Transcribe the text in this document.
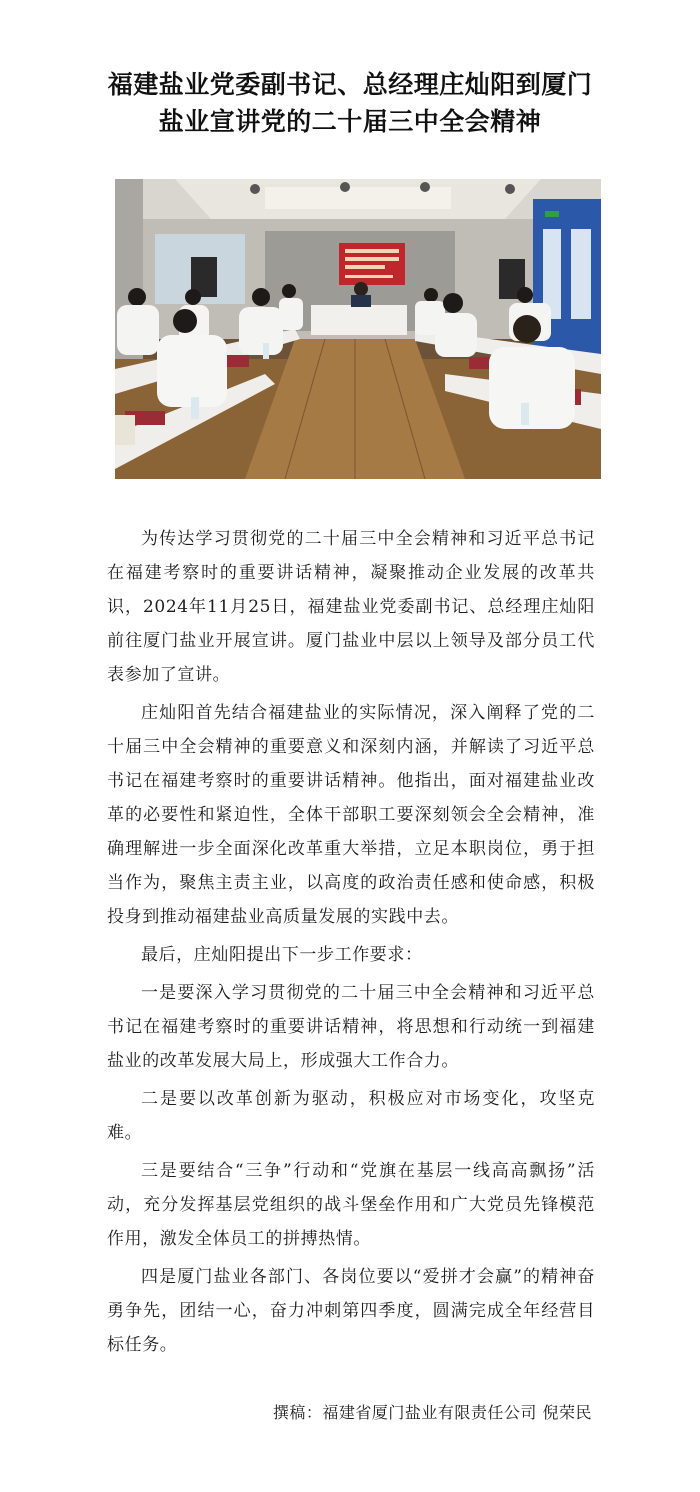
福建盐业党委副书记、总经理庄灿阳到厦门
盐业宣讲党的二十届三中全会精神

为传达学习贯彻党的二十届三中全会精神和习近平总书记在福建考察时的重要讲话精神，凝聚推动企业发展的改革共识，2024年11月25日，福建盐业党委副书记、总经理庄灿阳前往厦门盐业开展宣讲。厦门盐业中层以上领导及部分员工代表参加了宣讲。

庄灿阳首先结合福建盐业的实际情况，深入阐释了党的二十届三中全会精神的重要意义和深刻内涵，并解读了习近平总书记在福建考察时的重要讲话精神。他指出，面对福建盐业改革的必要性和紧迫性，全体干部职工要深刻领会全会精神，准确理解进一步全面深化改革重大举措，立足本职岗位，勇于担当作为，聚焦主责主业，以高度的政治责任感和使命感，积极投身到推动福建盐业高质量发展的实践中去。

最后，庄灿阳提出下一步工作要求：

一是要深入学习贯彻党的二十届三中全会精神和习近平总书记在福建考察时的重要讲话精神，将思想和行动统一到福建盐业的改革发展大局上，形成强大工作合力。

二是要以改革创新为驱动，积极应对市场变化，攻坚克难。

三是要结合“三争”行动和“党旗在基层一线高高飘扬”活动，充分发挥基层党组织的战斗堡垒作用和广大党员先锋模范作用，激发全体员工的拼搏热情。

四是厦门盐业各部门、各岗位要以“爱拼才会赢”的精神奋勇争先，团结一心，奋力冲刺第四季度，圆满完成全年经营目标任务。

撰稿：福建省厦门盐业有限责任公司 倪荣民
